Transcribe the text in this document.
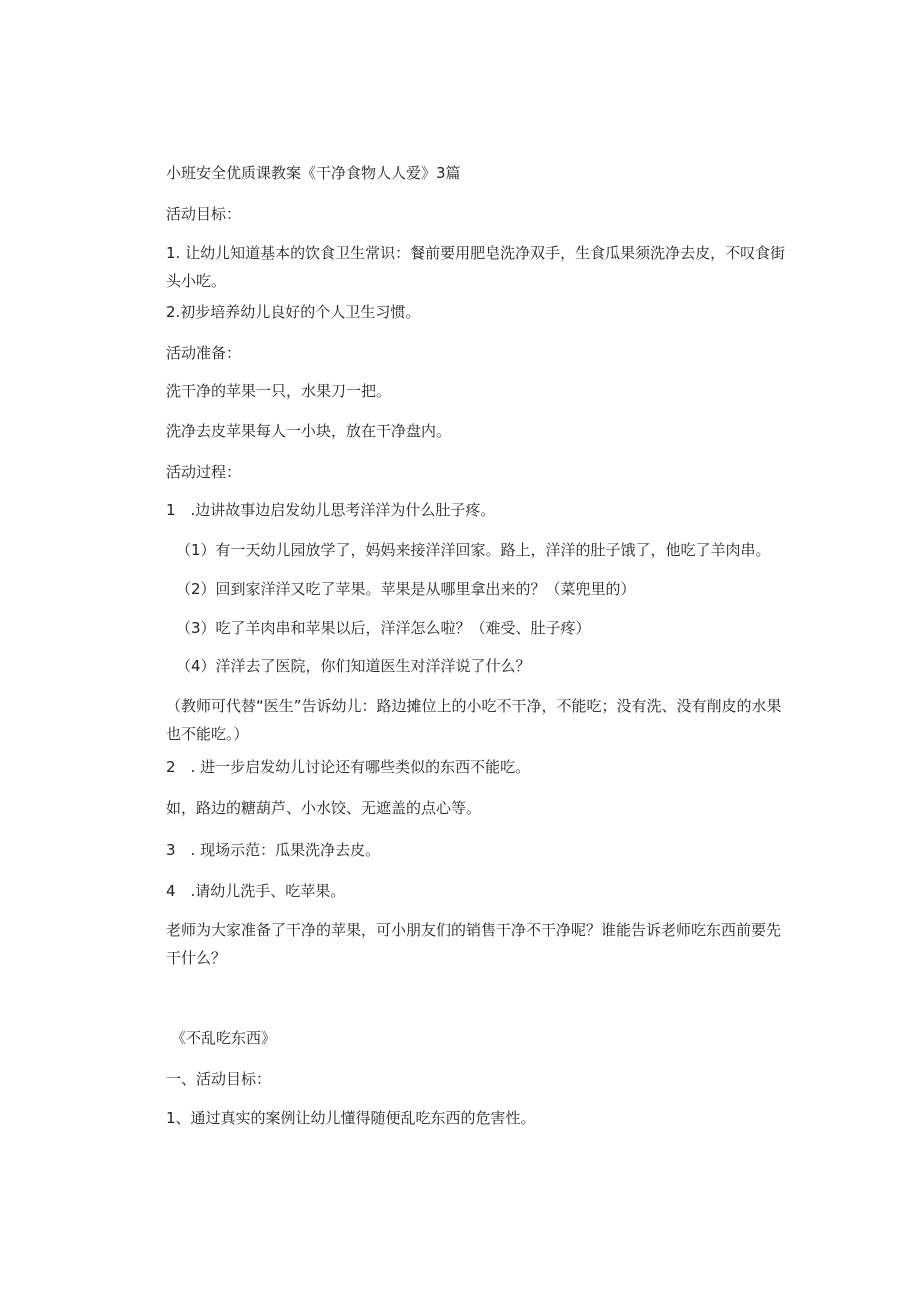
小班安全优质课教案《干净食物人人爱》3篇

活动目标：

1. 让幼儿知道基本的饮食卫生常识：餐前要用肥皂洗净双手，生食瓜果须洗净去皮，不叹食街头小吃。

2.初步培养幼儿良好的个人卫生习惯。

活动准备：

洗干净的苹果一只，水果刀一把。

洗净去皮苹果每人一小块，放在干净盘内。

活动过程：

1　.边讲故事边启发幼儿思考洋洋为什么肚子疼。

（1）有一天幼儿园放学了，妈妈来接洋洋回家。路上，洋洋的肚子饿了，他吃了羊肉串。

（2）回到家洋洋又吃了苹果。苹果是从哪里拿出来的？（菜兜里的）

（3）吃了羊肉串和苹果以后，洋洋怎么啦？（难受、肚子疼）

（4）洋洋去了医院，你们知道医生对洋洋说了什么？

（教师可代替“医生”告诉幼儿：路边摊位上的小吃不干净，不能吃；没有洗、没有削皮的水果也不能吃。）

2　. 进一步启发幼儿讨论还有哪些类似的东西不能吃。

如，路边的糖葫芦、小水饺、无遮盖的点心等。

3　. 现场示范：瓜果洗净去皮。

4　.请幼儿洗手、吃苹果。

老师为大家准备了干净的苹果，可小朋友们的销售干净不干净呢？谁能告诉老师吃东西前要先干什么？

《不乱吃东西》

一、活动目标：

1、通过真实的案例让幼儿懂得随便乱吃东西的危害性。
